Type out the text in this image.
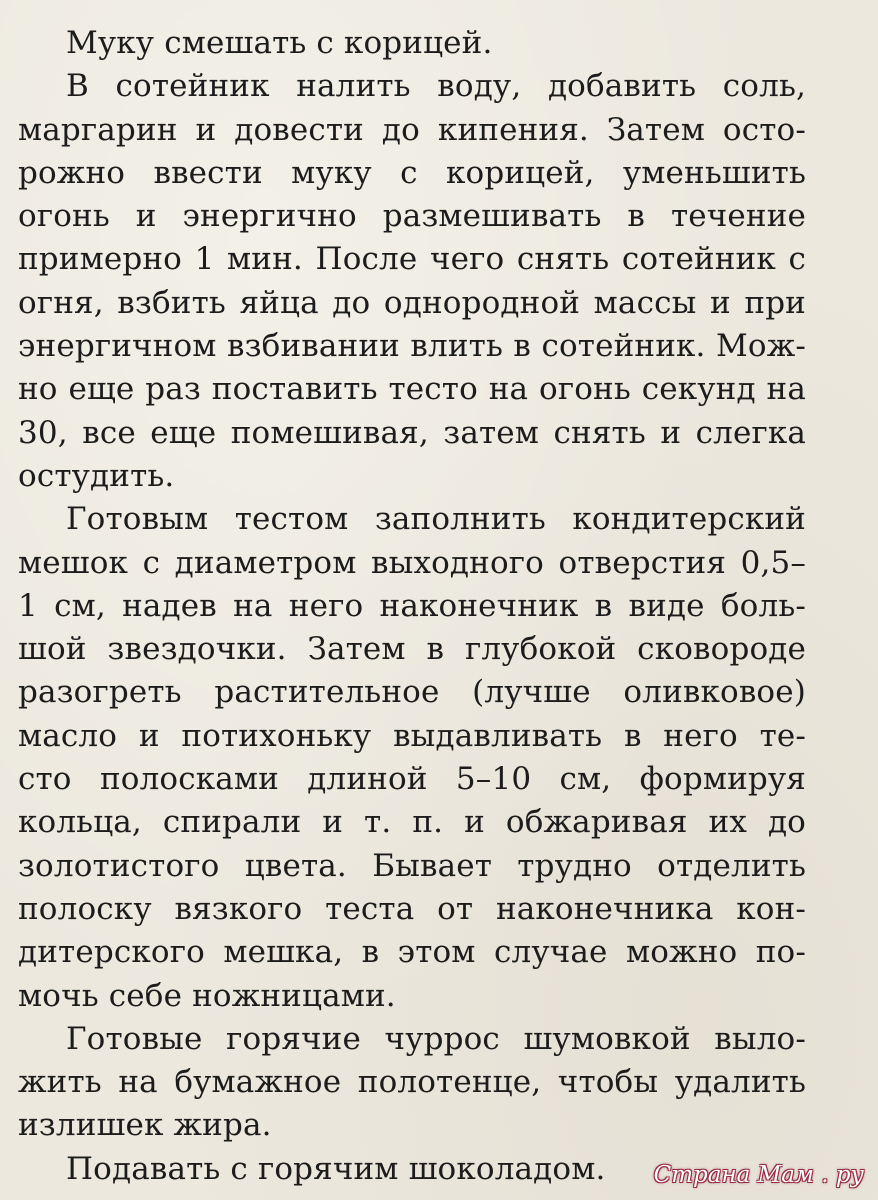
Муку смешать с корицей.
В сотейник налить воду, добавить соль,
маргарин и довести до кипения. Затем осто-
рожно ввести муку с корицей, уменьшить
огонь и энергично размешивать в течение
примерно 1 мин. После чего снять сотейник с
огня, взбить яйца до однородной массы и при
энергичном взбивании влить в сотейник. Мож-
но еще раз поставить тесто на огонь секунд на
30, все еще помешивая, затем снять и слегка
остудить.
Готовым тестом заполнить кондитерский
мешок с диаметром выходного отверстия 0,5–
1 см, надев на него наконечник в виде боль-
шой звездочки. Затем в глубокой сковороде
разогреть растительное (лучше оливковое)
масло и потихоньку выдавливать в него те-
сто полосками длиной 5–10 см, формируя
кольца, спирали и т. п. и обжаривая их до
золотистого цвета. Бывает трудно отделить
полоску вязкого теста от наконечника кон-
дитерского мешка, в этом случае можно по-
мочь себе ножницами.
Готовые горячие чуррос шумовкой выло-
жить на бумажное полотенце, чтобы удалить
излишек жира.
Подавать с горячим шоколадом.	Страна Мам . ру
